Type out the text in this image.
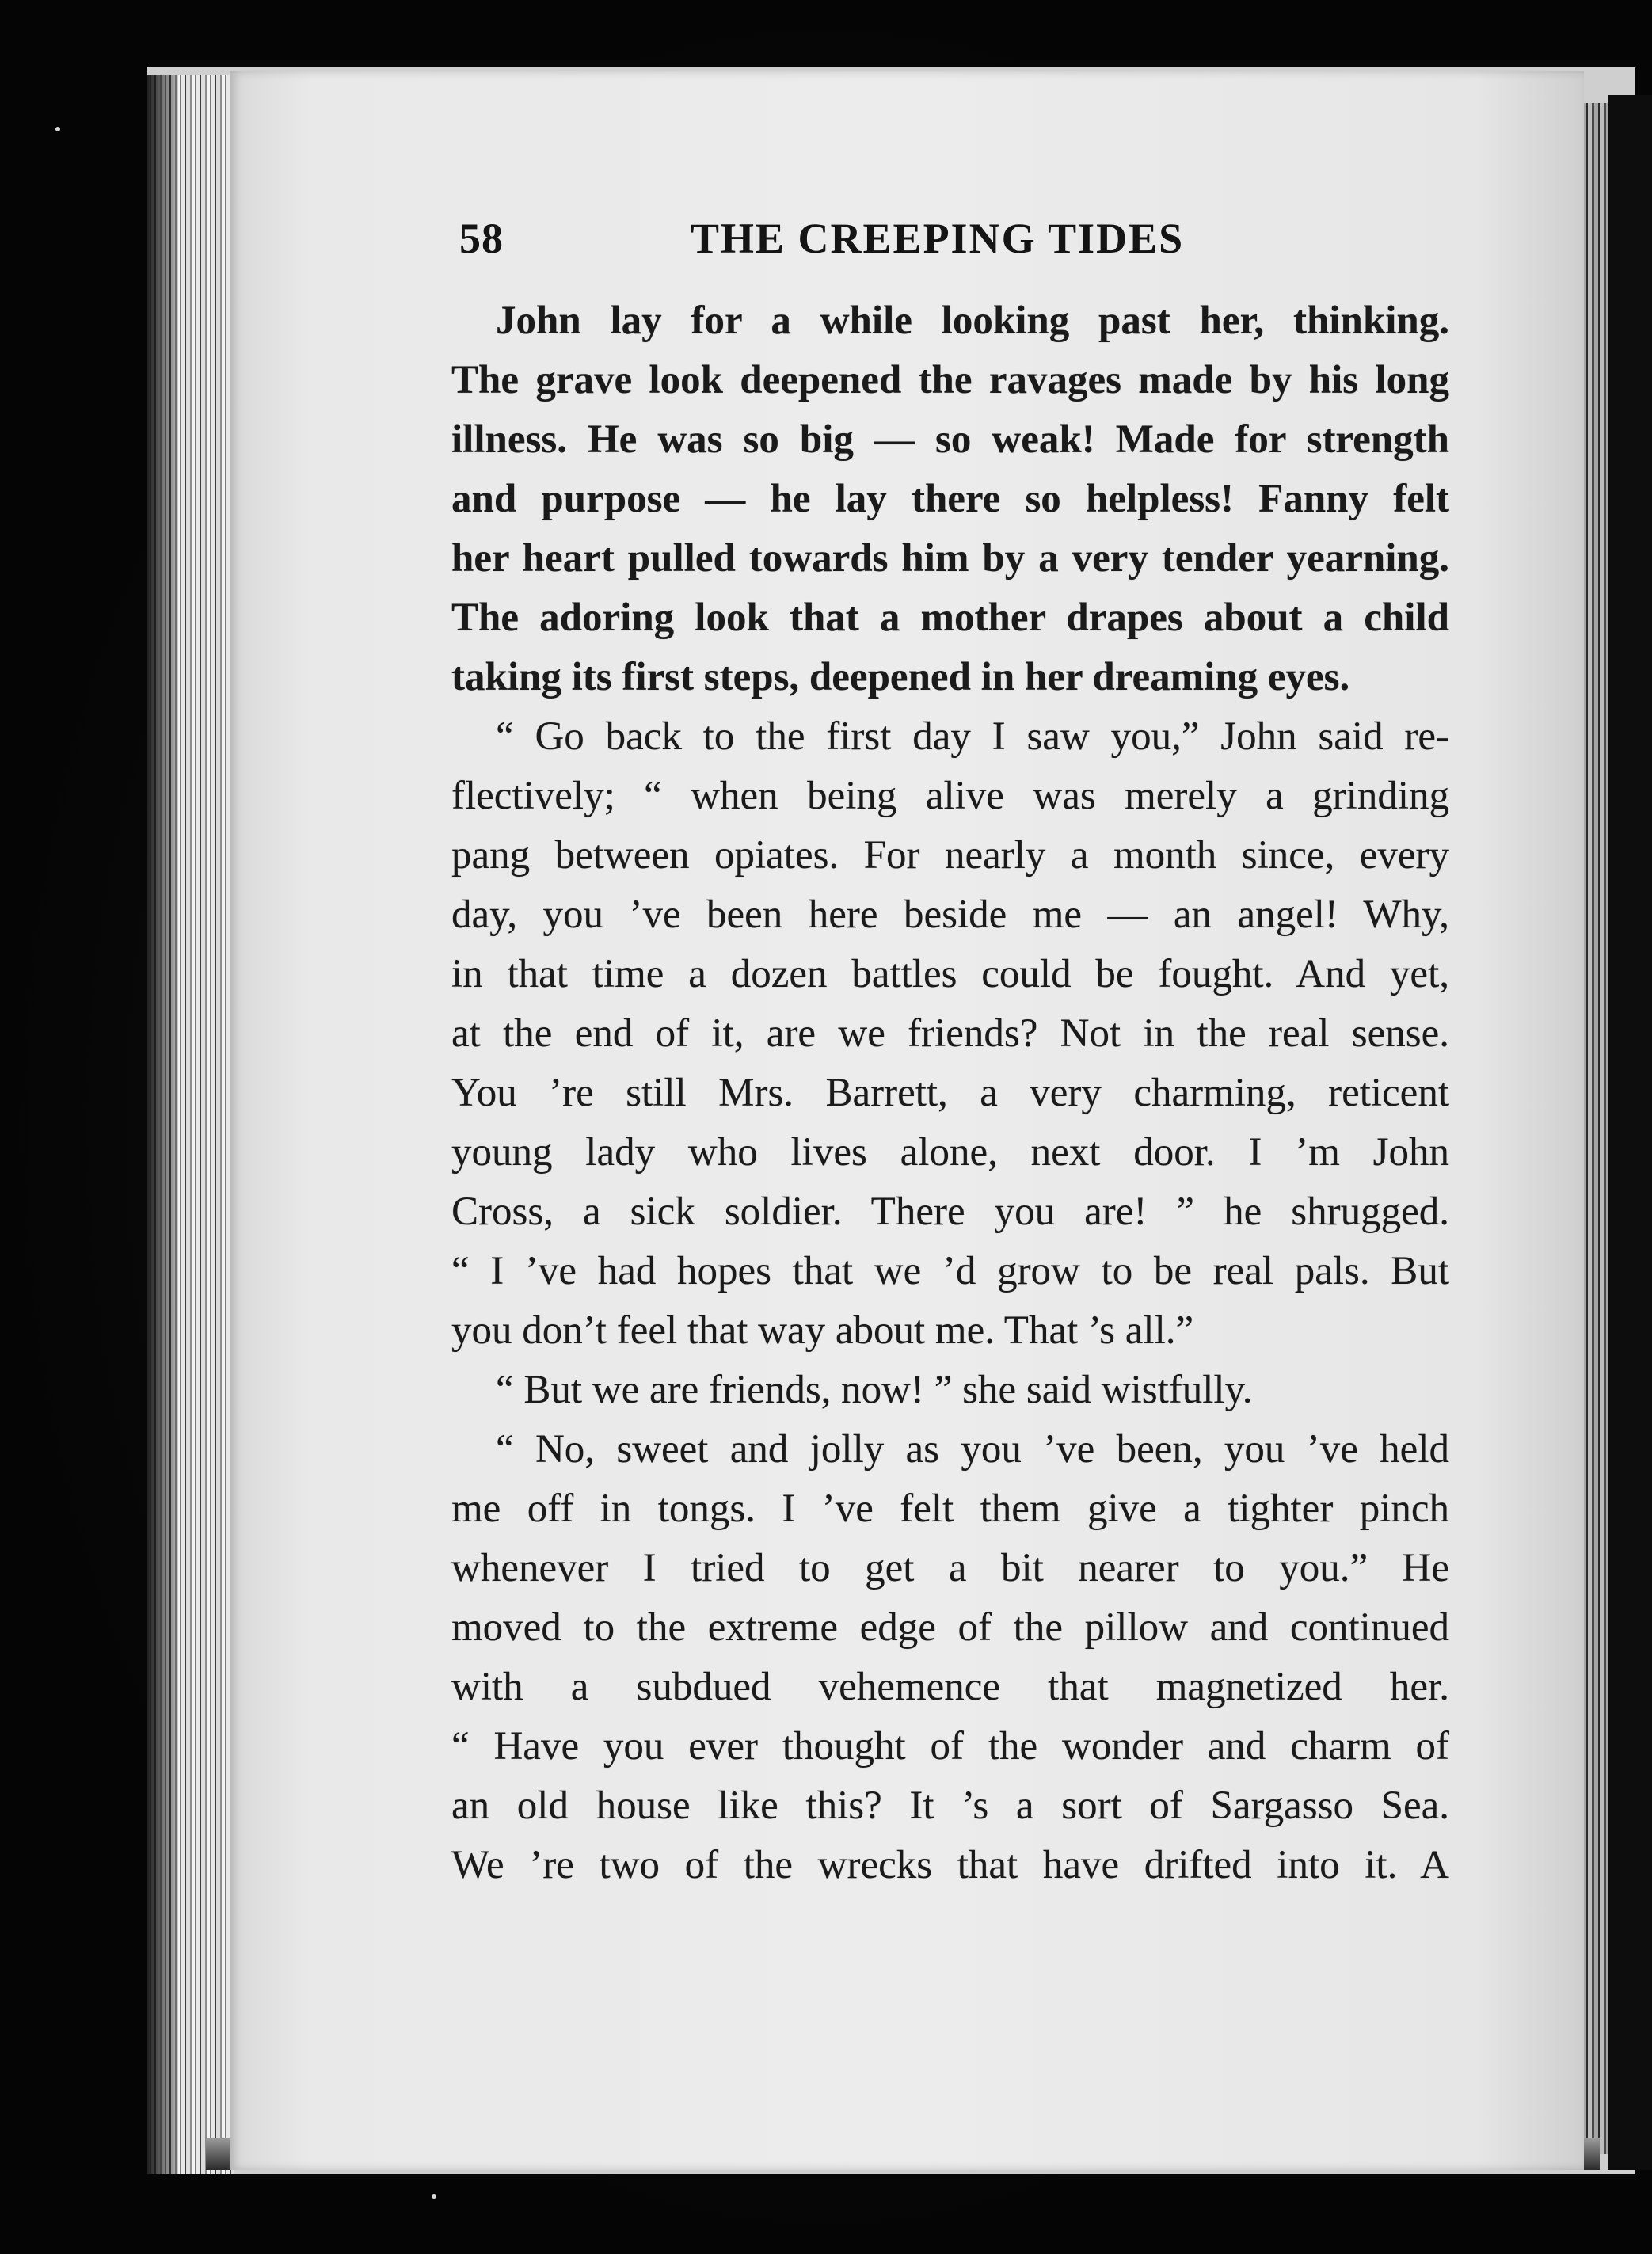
58	THE CREEPING TIDES
John lay for a while looking past her, thinking.
The grave look deepened the ravages made by his long
illness. He was so big — so weak! Made for strength
and purpose — he lay there so helpless! Fanny felt
her heart pulled towards him by a very tender yearning.
The adoring look that a mother drapes about a child
taking its first steps, deepened in her dreaming eyes.
“ Go back to the first day I saw you,” John said re-
flectively; “ when being alive was merely a grinding
pang between opiates. For nearly a month since, every
day, you ’ve been here beside me — an angel! Why,
in that time a dozen battles could be fought. And yet,
at the end of it, are we friends? Not in the real sense.
You ’re still Mrs. Barrett, a very charming, reticent
young lady who lives alone, next door. I ’m John
Cross, a sick soldier. There you are! ” he shrugged.
“ I ’ve had hopes that we ’d grow to be real pals. But
you don’t feel that way about me. That ’s all.”
“ But we are friends, now! ” she said wistfully.
“ No, sweet and jolly as you ’ve been, you ’ve held
me off in tongs. I ’ve felt them give a tighter pinch
whenever I tried to get a bit nearer to you.” He
moved to the extreme edge of the pillow and continued
with a subdued vehemence that magnetized her.
“ Have you ever thought of the wonder and charm of
an old house like this? It ’s a sort of Sargasso Sea.
We ’re two of the wrecks that have drifted into it. A
